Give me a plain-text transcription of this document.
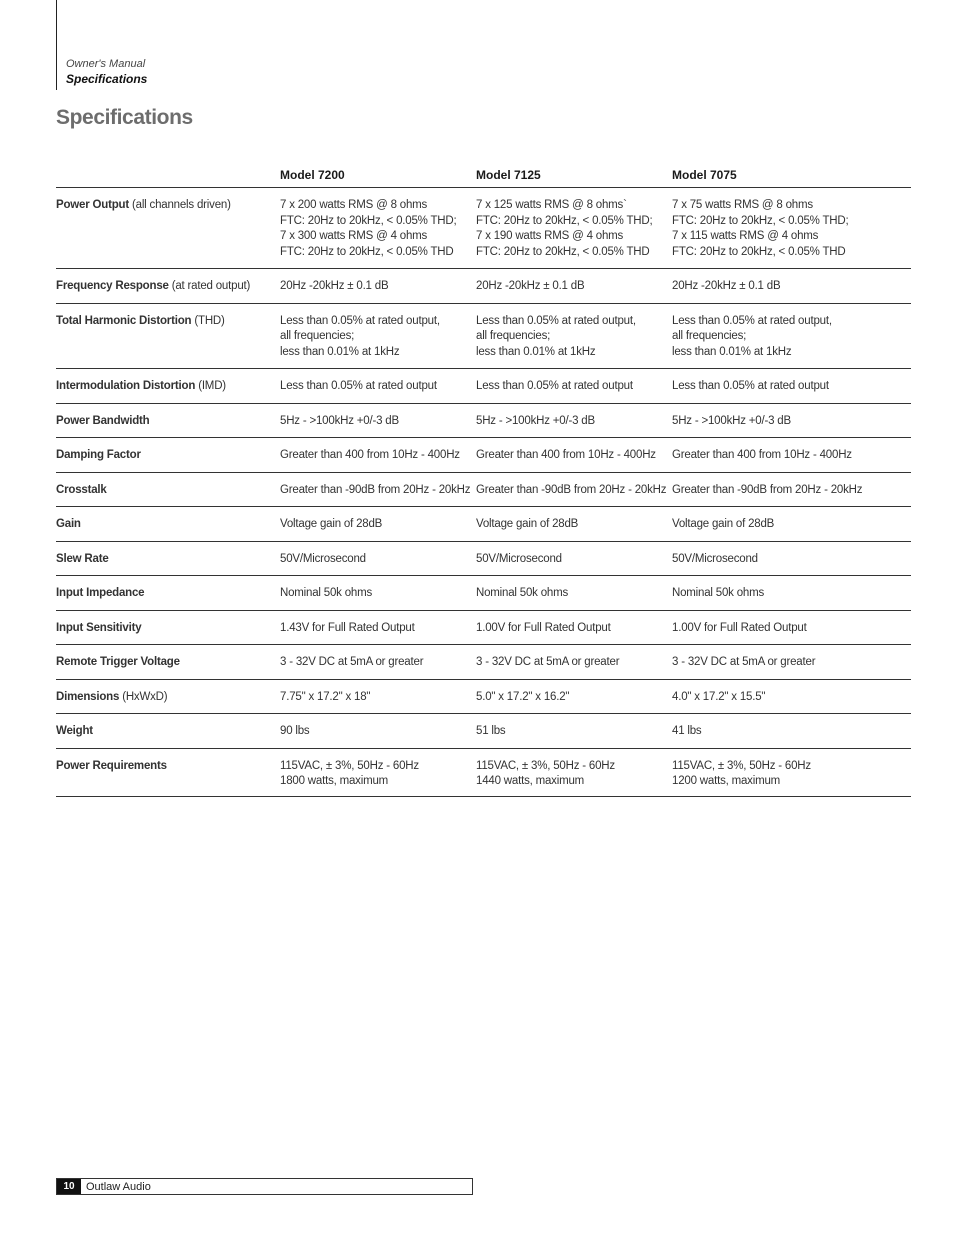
Owner's Manual
Specifications
Specifications
	Model 7200	Model 7125	Model 7075
Power Output (all channels driven)	7 x 200 watts RMS @ 8 ohms
FTC: 20Hz to 20kHz, < 0.05% THD;
7 x 300 watts RMS @ 4 ohms
FTC: 20Hz to 20kHz, < 0.05% THD	7 x 125 watts RMS @ 8 ohms`
FTC: 20Hz to 20kHz, < 0.05% THD;
7 x 190 watts RMS @ 4 ohms
FTC: 20Hz to 20kHz, < 0.05% THD	7 x 75 watts RMS @ 8 ohms
FTC: 20Hz to 20kHz, < 0.05% THD;
7 x 115 watts RMS @ 4 ohms
FTC: 20Hz to 20kHz, < 0.05% THD

Frequency Response (at rated output)	20Hz -20kHz ± 0.1 dB	20Hz -20kHz ± 0.1 dB	20Hz -20kHz ± 0.1 dB

Total Harmonic Distortion (THD)	Less than 0.05% at rated output,
all frequencies;
less than 0.01% at 1kHz	Less than 0.05% at rated output,
all frequencies;
less than 0.01% at 1kHz	Less than 0.05% at rated output,
all frequencies;
less than 0.01% at 1kHz

Intermodulation Distortion (IMD)	Less than 0.05% at rated output	Less than 0.05% at rated output	Less than 0.05% at rated output

Power Bandwidth	5Hz - >100kHz +0/-3 dB	5Hz - >100kHz +0/-3 dB	5Hz - >100kHz +0/-3 dB

Damping Factor	Greater than 400 from 10Hz - 400Hz	Greater than 400 from 10Hz - 400Hz	Greater than 400 from 10Hz - 400Hz

Crosstalk	Greater than -90dB from 20Hz - 20kHz	Greater than -90dB from 20Hz - 20kHz	Greater than -90dB from 20Hz - 20kHz

Gain	Voltage gain of 28dB	Voltage gain of 28dB	Voltage gain of 28dB

Slew Rate	50V/Microsecond	50V/Microsecond	50V/Microsecond

Input Impedance	Nominal 50k ohms	Nominal 50k ohms	Nominal 50k ohms

Input Sensitivity	1.43V for Full Rated Output	1.00V for Full Rated Output	1.00V for Full Rated Output

Remote Trigger Voltage	3 - 32V DC at 5mA or greater	3 - 32V DC at 5mA or greater	3 - 32V DC at 5mA or greater

Dimensions (HxWxD)	7.75" x 17.2" x 18"	5.0" x 17.2" x 16.2"	4.0" x 17.2" x 15.5"

Weight	90 lbs	51 lbs	41 lbs

Power Requirements	115VAC, ± 3%, 50Hz - 60Hz
1800 watts, maximum	115VAC, ± 3%, 50Hz - 60Hz
1440 watts, maximum	115VAC, ± 3%, 50Hz - 60Hz
1200 watts, maximum
10	Outlaw Audio
